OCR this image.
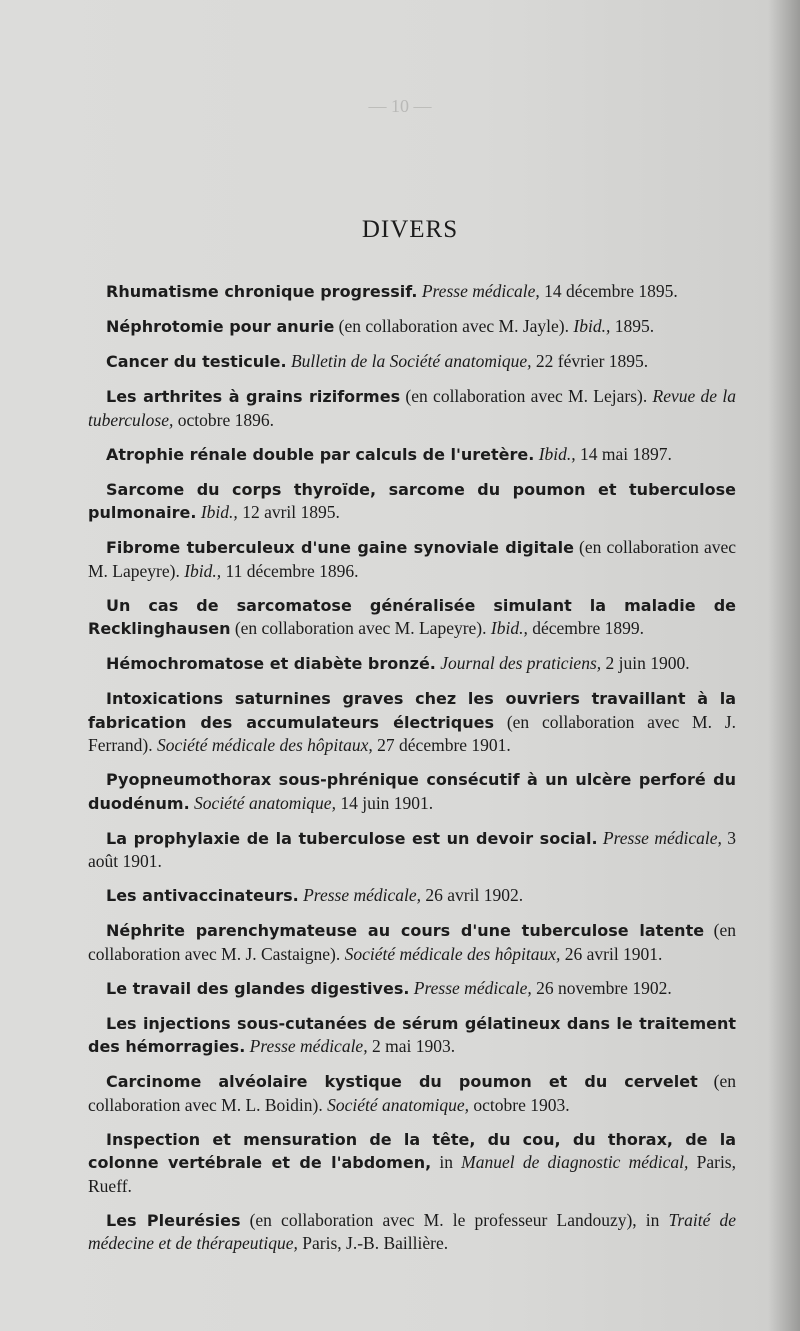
— 10 —
DIVERS

Rhumatisme chronique progressif. Presse médicale, 14 décembre 1895.

Néphrotomie pour anurie (en collaboration avec M. Jayle). Ibid., 1895.

Cancer du testicule. Bulletin de la Société anatomique, 22 février 1895.

Les arthrites à grains riziformes (en collaboration avec M. Lejars). Revue de la tuberculose, octobre 1896.

Atrophie rénale double par calculs de l'uretère. Ibid., 14 mai 1897.

Sarcome du corps thyroïde, sarcome du poumon et tuberculose pulmonaire. Ibid., 12 avril 1895.

Fibrome tuberculeux d'une gaine synoviale digitale (en collaboration avec M. Lapeyre). Ibid., 11 décembre 1896.

Un cas de sarcomatose généralisée simulant la maladie de Recklinghausen (en collaboration avec M. Lapeyre). Ibid., décembre 1899.

Hémochromatose et diabète bronzé. Journal des praticiens, 2 juin 1900.

Intoxications saturnines graves chez les ouvriers travaillant à la fabrication des accumulateurs électriques (en collaboration avec M. J. Ferrand). Société médicale des hôpitaux, 27 décembre 1901.

Pyopneumothorax sous-phrénique consécutif à un ulcère perforé du duodénum. Société anatomique, 14 juin 1901.

La prophylaxie de la tuberculose est un devoir social. Presse médicale, 3 août 1901.

Les antivaccinateurs. Presse médicale, 26 avril 1902.

Néphrite parenchymateuse au cours d'une tuberculose latente (en collaboration avec M. J. Castaigne). Société médicale des hôpitaux, 26 avril 1901.

Le travail des glandes digestives. Presse médicale, 26 novembre 1902.

Les injections sous-cutanées de sérum gélatineux dans le traitement des hémorragies. Presse médicale, 2 mai 1903.

Carcinome alvéolaire kystique du poumon et du cervelet (en collaboration avec M. L. Boidin). Société anatomique, octobre 1903.

Inspection et mensuration de la tête, du cou, du thorax, de la colonne vertébrale et de l'abdomen, in Manuel de diagnostic médical, Paris, Rueff.

Les Pleurésies (en collaboration avec M. le professeur Landouzy), in Traité de médecine et de thérapeutique, Paris, J.-B. Baillière.
